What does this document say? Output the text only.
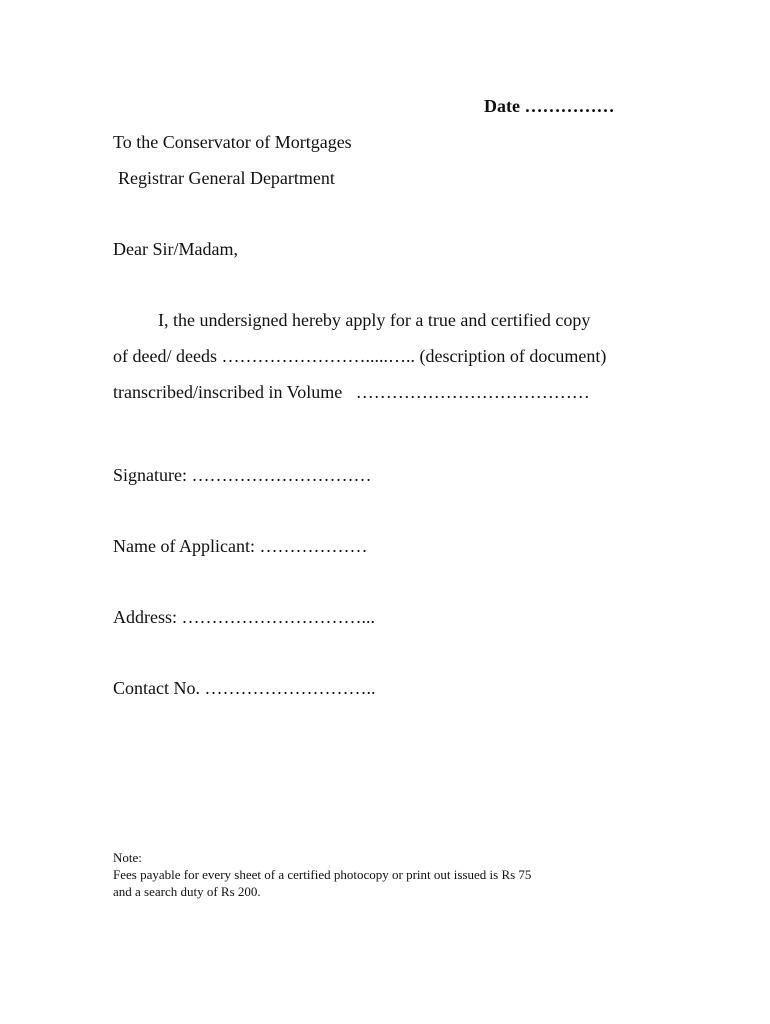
Date ……………
To the Conservator of Mortgages
Registrar General Department
Dear Sir/Madam,
I, the undersigned hereby apply for a true and certified copy
of deed/ deeds …………………….....….. (description of document)
transcribed/inscribed in Volume   …………………………………
Signature: …………………………
Name of Applicant: ………………
Address: …………………………...
Contact No. ………………………..
Note:
Fees payable for every sheet of a certified photocopy or print out issued is Rs 75
and a search duty of Rs 200.
